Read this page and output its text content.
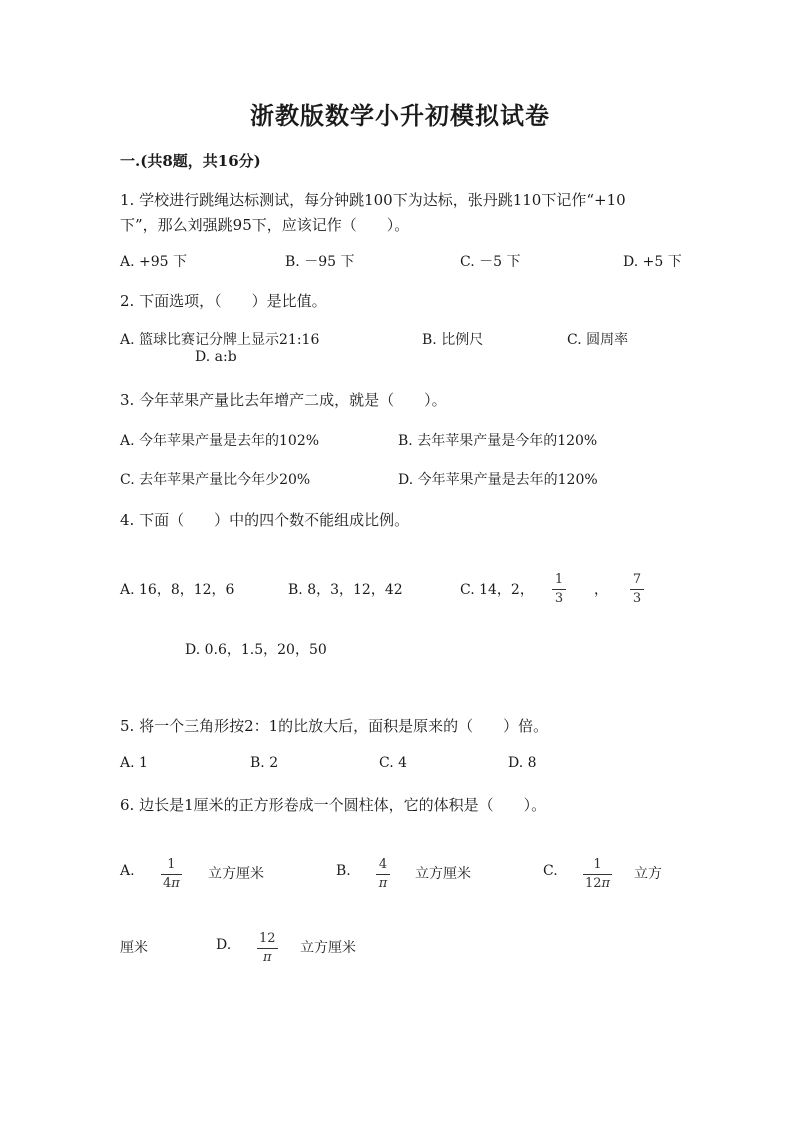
浙教版数学小升初模拟试卷
一.(共8题，共16分)
1. 学校进行跳绳达标测试，每分钟跳100下为达标，张丹跳110下记作“+10
下”，那么刘强跳95下，应该记作（　　）。
A. +95 下	B. －95 下	C. －5 下	D. +5 下
2. 下面选项，（　　）是比值。
A. 篮球比赛记分牌上显示21:16	B. 比例尺	C. 圆周率
D. a:b
3. 今年苹果产量比去年增产二成，就是（　　）。
A. 今年苹果产量是去年的102%	B. 去年苹果产量是今年的120%
C. 去年苹果产量比今年少20%	D. 今年苹果产量是去年的120%
4. 下面（　　）中的四个数不能组成比例。
A. 16，8，12，6	B. 8，3，12，42	C. 14，2，
1
3
，
7
3
D. 0.6，1.5，20，50
5. 将一个三角形按2：1的比放大后，面积是原来的（　　）倍。
A. 1	B. 2	C. 4	D. 8
6. 边长是1厘米的正方形卷成一个圆柱体，它的体积是（　　）。
A.	1
4π
立方厘米	B. 4
π
立方厘米	C.	1
12π
立方
厘米	D. 12
π
立方厘米
